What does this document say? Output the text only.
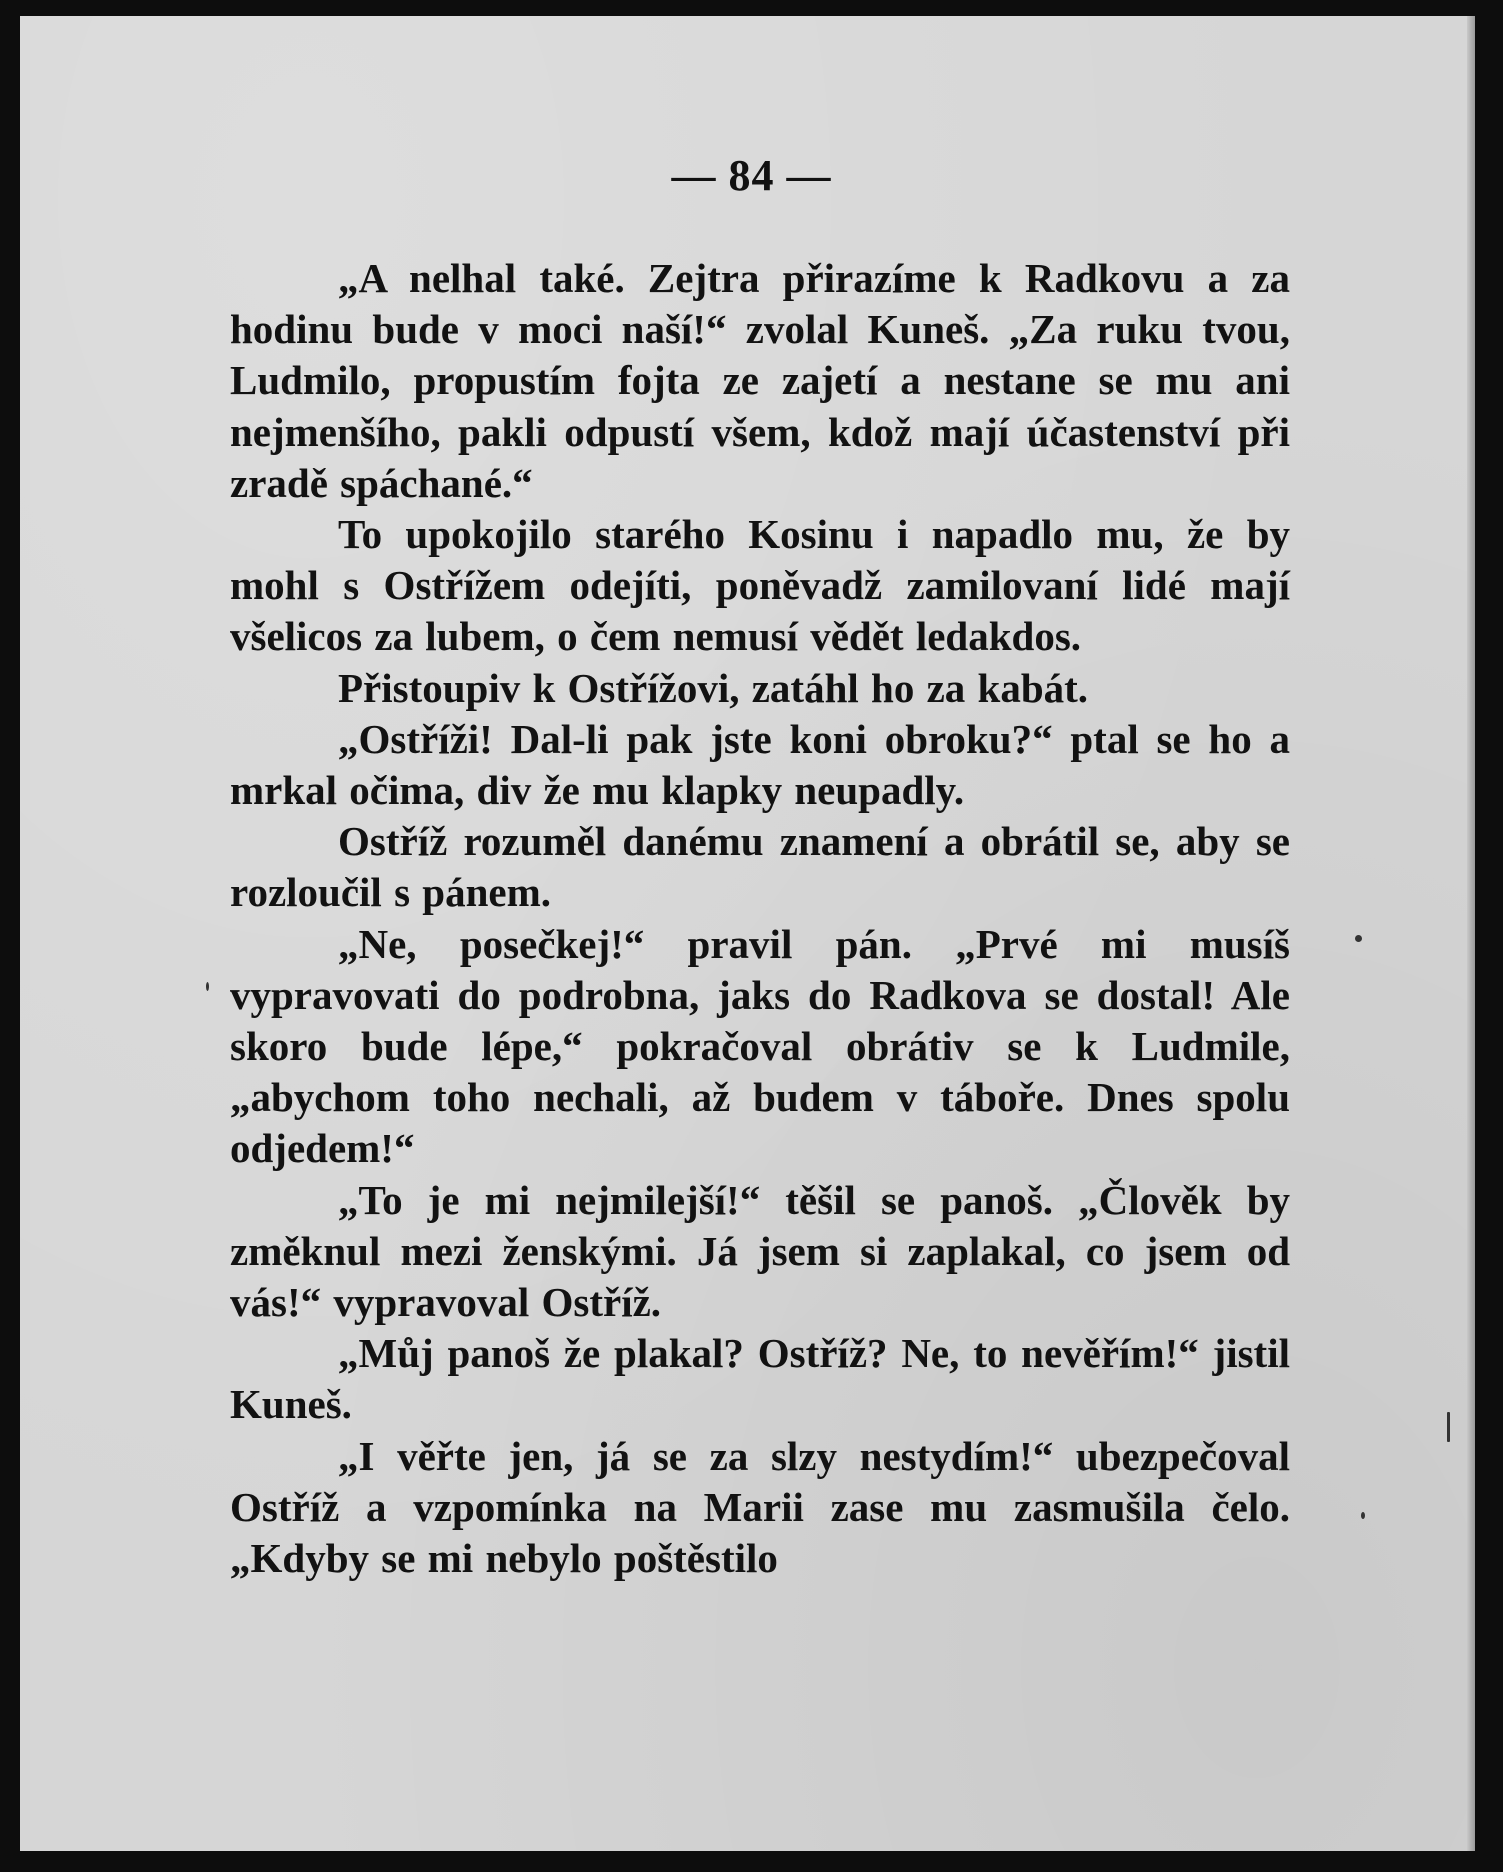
— 84 —

„A nelhal také. Zejtra přirazíme k Radkovu a za hodinu bude v moci naší!“ zvolal Kuneš. „Za ruku tvou, Ludmilo, propustím fojta ze zajetí a nestane se mu ani nejmenšího, pakli odpustí všem, kdož mají účastenství při zradě spáchané.“

To upokojilo starého Kosinu i napadlo mu, že by mohl s Ostřížem odejíti, poněvadž zamilovaní lidé mají všelicos za lubem, o čem nemusí vědět ledakdos.

Přistoupiv k Ostřížovi, zatáhl ho za kabát.

„Ostříži! Dal-li pak jste koni obroku?“ ptal se ho a mrkal očima, div že mu klapky neupadly.

Ostříž rozuměl danému znamení a obrátil se, aby se rozloučil s pánem.

„Ne, posečkej!“ pravil pán. „Prvé mi musíš vypravovati do podrobna, jaks do Radkova se dostal! Ale skoro bude lépe,“ pokračoval obrátiv se k Ludmile, „abychom toho nechali, až budem v táboře. Dnes spolu odjedem!“

„To je mi nejmilejší!“ těšil se panoš. „Člověk by změknul mezi ženskými. Já jsem si zaplakal, co jsem od vás!“ vypravoval Ostříž.

„Můj panoš že plakal? Ostříž? Ne, to nevěřím!“ jistil Kuneš.

„I věřte jen, já se za slzy nestydím!“ ubezpečoval Ostříž a vzpomínka na Marii zase mu zasmušila čelo. „Kdyby se mi nebylo poštěstilo
